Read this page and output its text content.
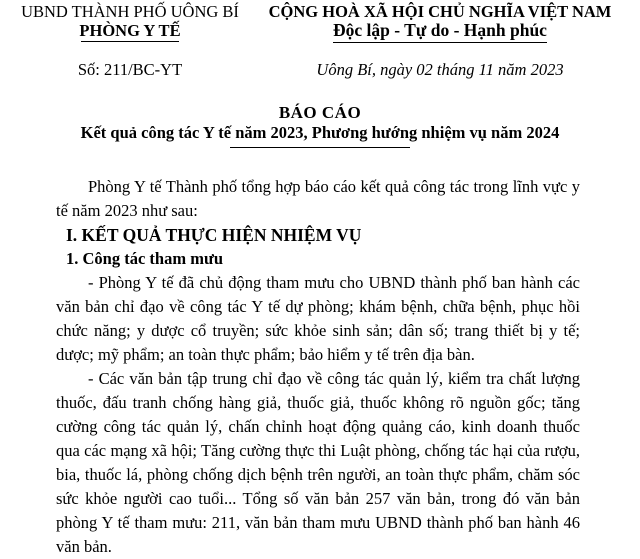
UBND THÀNH PHỐ UÔNG BÍ
PHÒNG Y TẾ
CỘNG HOÀ XÃ HỘI CHỦ NGHĨA VIỆT NAM
Độc lập - Tự do - Hạnh phúc
Số: 211/BC-YT	Uông Bí, ngày 02 tháng 11 năm 2023
BÁO CÁO
Kết quả công tác Y tế năm 2023, Phương hướng nhiệm vụ năm 2024

Phòng Y tế Thành phố tổng hợp báo cáo kết quả công tác trong lĩnh vực y tế năm 2023 như sau:

I. KẾT QUẢ THỰC HIỆN NHIỆM VỤ

1. Công tác tham mưu

- Phòng Y tế đã chủ động tham mưu cho UBND thành phố ban hành các văn bản chỉ đạo về công tác Y tế dự phòng; khám bệnh, chữa bệnh, phục hồi chức năng; y dược cổ truyền; sức khỏe sinh sản; dân số; trang thiết bị y tế; dược; mỹ phẩm; an toàn thực phẩm; bảo hiểm y tế trên địa bàn.

- Các văn bản tập trung chỉ đạo về công tác quản lý, kiểm tra chất lượng thuốc, đấu tranh chống hàng giả, thuốc giả, thuốc không rõ nguồn gốc; tăng cường công tác quản lý, chấn chỉnh hoạt động quảng cáo, kinh doanh thuốc qua các mạng xã hội; Tăng cường thực thi Luật phòng, chống tác hại của rượu, bia, thuốc lá, phòng chống dịch bệnh trên người, an toàn thực phẩm, chăm sóc sức khỏe người cao tuổi... Tổng số văn bản 257 văn bản, trong đó văn bản phòng Y tế tham mưu: 211, văn bản tham mưu UBND thành phố ban hành 46 văn bản.
